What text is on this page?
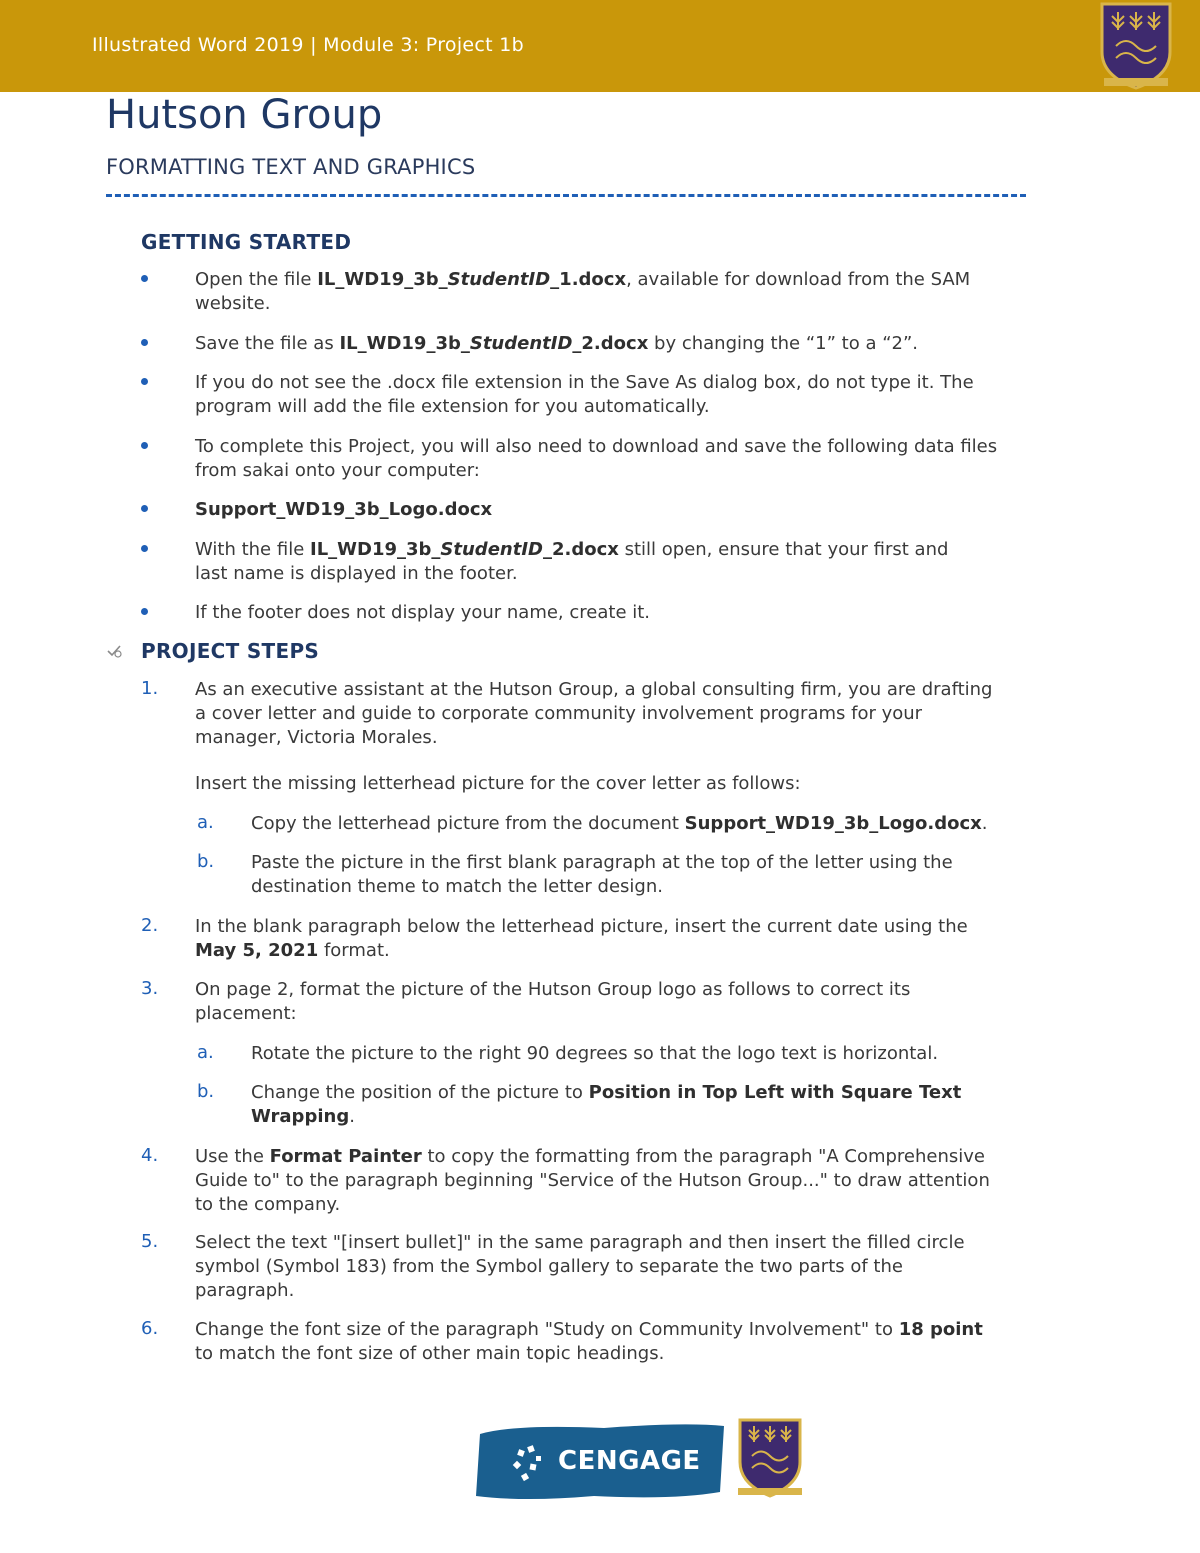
Illustrated Word 2019 | Module 3: Project 1b
Hutson Group
FORMATTING TEXT AND GRAPHICS
GETTING STARTED
Open the file IL_WD19_3b_StudentID_1.docx, available for download from the SAM
website.
Save the file as IL_WD19_3b_StudentID_2.docx by changing the “1” to a “2”.
If you do not see the .docx file extension in the Save As dialog box, do not type it. The
program will add the file extension for you automatically.
To complete this Project, you will also need to download and save the following data files
from sakai onto your computer:
Support_WD19_3b_Logo.docx
With the file IL_WD19_3b_StudentID_2.docx still open, ensure that your first and
last name is displayed in the footer.
If the footer does not display your name, create it.
PROJECT STEPS
1. As an executive assistant at the Hutson Group, a global consulting firm, you are drafting
a cover letter and guide to corporate community involvement programs for your
manager, Victoria Morales.
Insert the missing letterhead picture for the cover letter as follows:
a. Copy the letterhead picture from the document Support_WD19_3b_Logo.docx.
b. Paste the picture in the first blank paragraph at the top of the letter using the
destination theme to match the letter design.
2. In the blank paragraph below the letterhead picture, insert the current date using the
May 5, 2021 format.
3. On page 2, format the picture of the Hutson Group logo as follows to correct its
placement:
a. Rotate the picture to the right 90 degrees so that the logo text is horizontal.
b. Change the position of the picture to Position in Top Left with Square Text
Wrapping.
4. Use the Format Painter to copy the formatting from the paragraph "A Comprehensive
Guide to" to the paragraph beginning "Service of the Hutson Group..." to draw attention
to the company.
5. Select the text "[insert bullet]" in the same paragraph and then insert the filled circle
symbol (Symbol 183) from the Symbol gallery to separate the two parts of the
paragraph.
6. Change the font size of the paragraph "Study on Community Involvement" to 18 point
to match the font size of other main topic headings.
CENGAGE
